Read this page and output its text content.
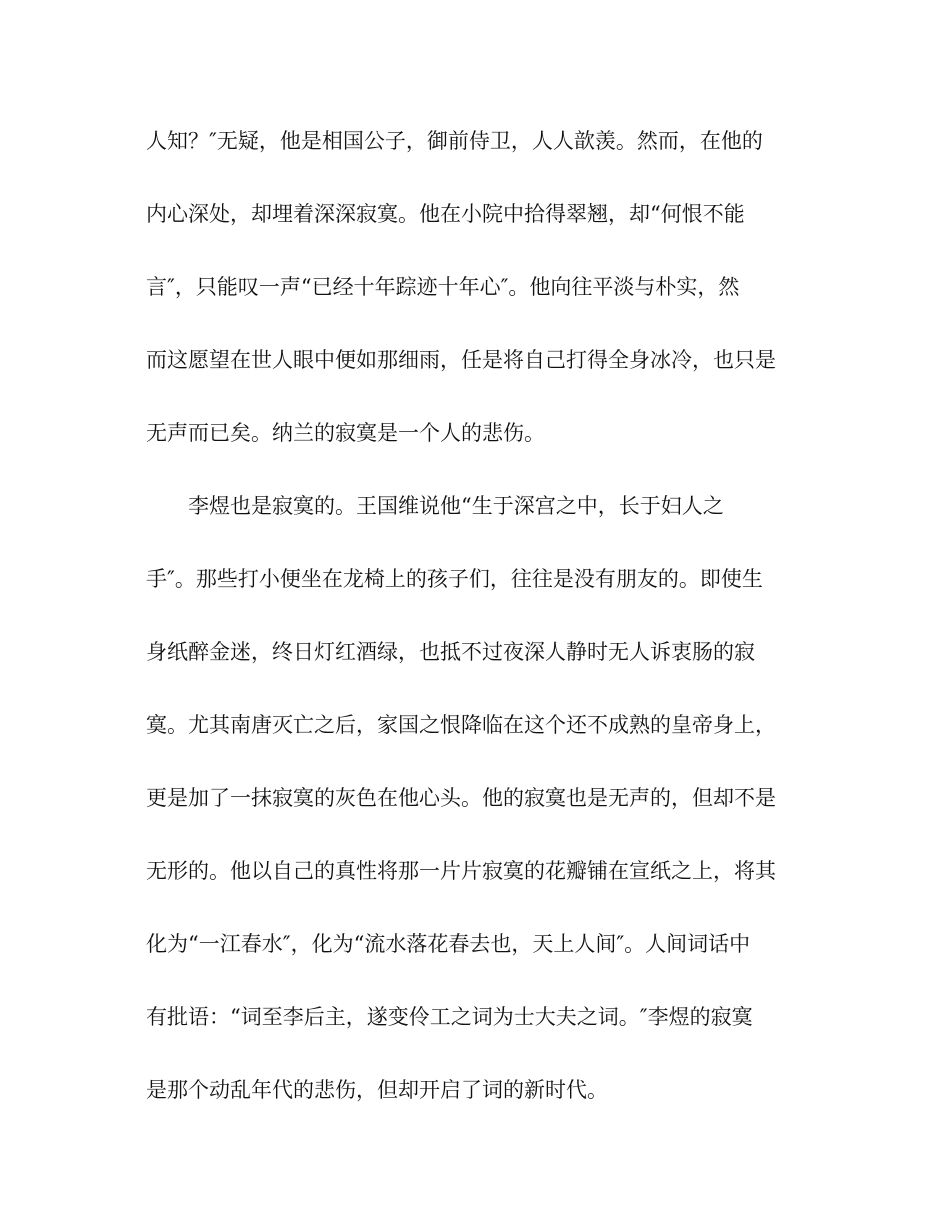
人知？″无疑，他是相国公子，御前侍卫，人人歆羡。然而，在他的
内心深处，却埋着深深寂寞。他在小院中拾得翠翘，却“何恨不能
言″，只能叹一声“已经十年踪迹十年心″。他向往平淡与朴实，然
而这愿望在世人眼中便如那细雨，任是将自己打得全身冰冷，也只是
无声而已矣。纳兰的寂寞是一个人的悲伤。
　　李煜也是寂寞的。王国维说他“生于深宫之中，长于妇人之
手″。那些打小便坐在龙椅上的孩子们，往往是没有朋友的。即使生
身纸醉金迷，终日灯红酒绿，也抵不过夜深人静时无人诉衷肠的寂
寞。尤其南唐灭亡之后，家国之恨降临在这个还不成熟的皇帝身上，
更是加了一抹寂寞的灰色在他心头。他的寂寞也是无声的，但却不是
无形的。他以自己的真性将那一片片寂寞的花瓣铺在宣纸之上，将其
化为“一江春水″，化为“流水落花春去也，天上人间″。人间词话中
有批语：“词至李后主，遂变伶工之词为士大夫之词。″李煜的寂寞
是那个动乱年代的悲伤，但却开启了词的新时代。
